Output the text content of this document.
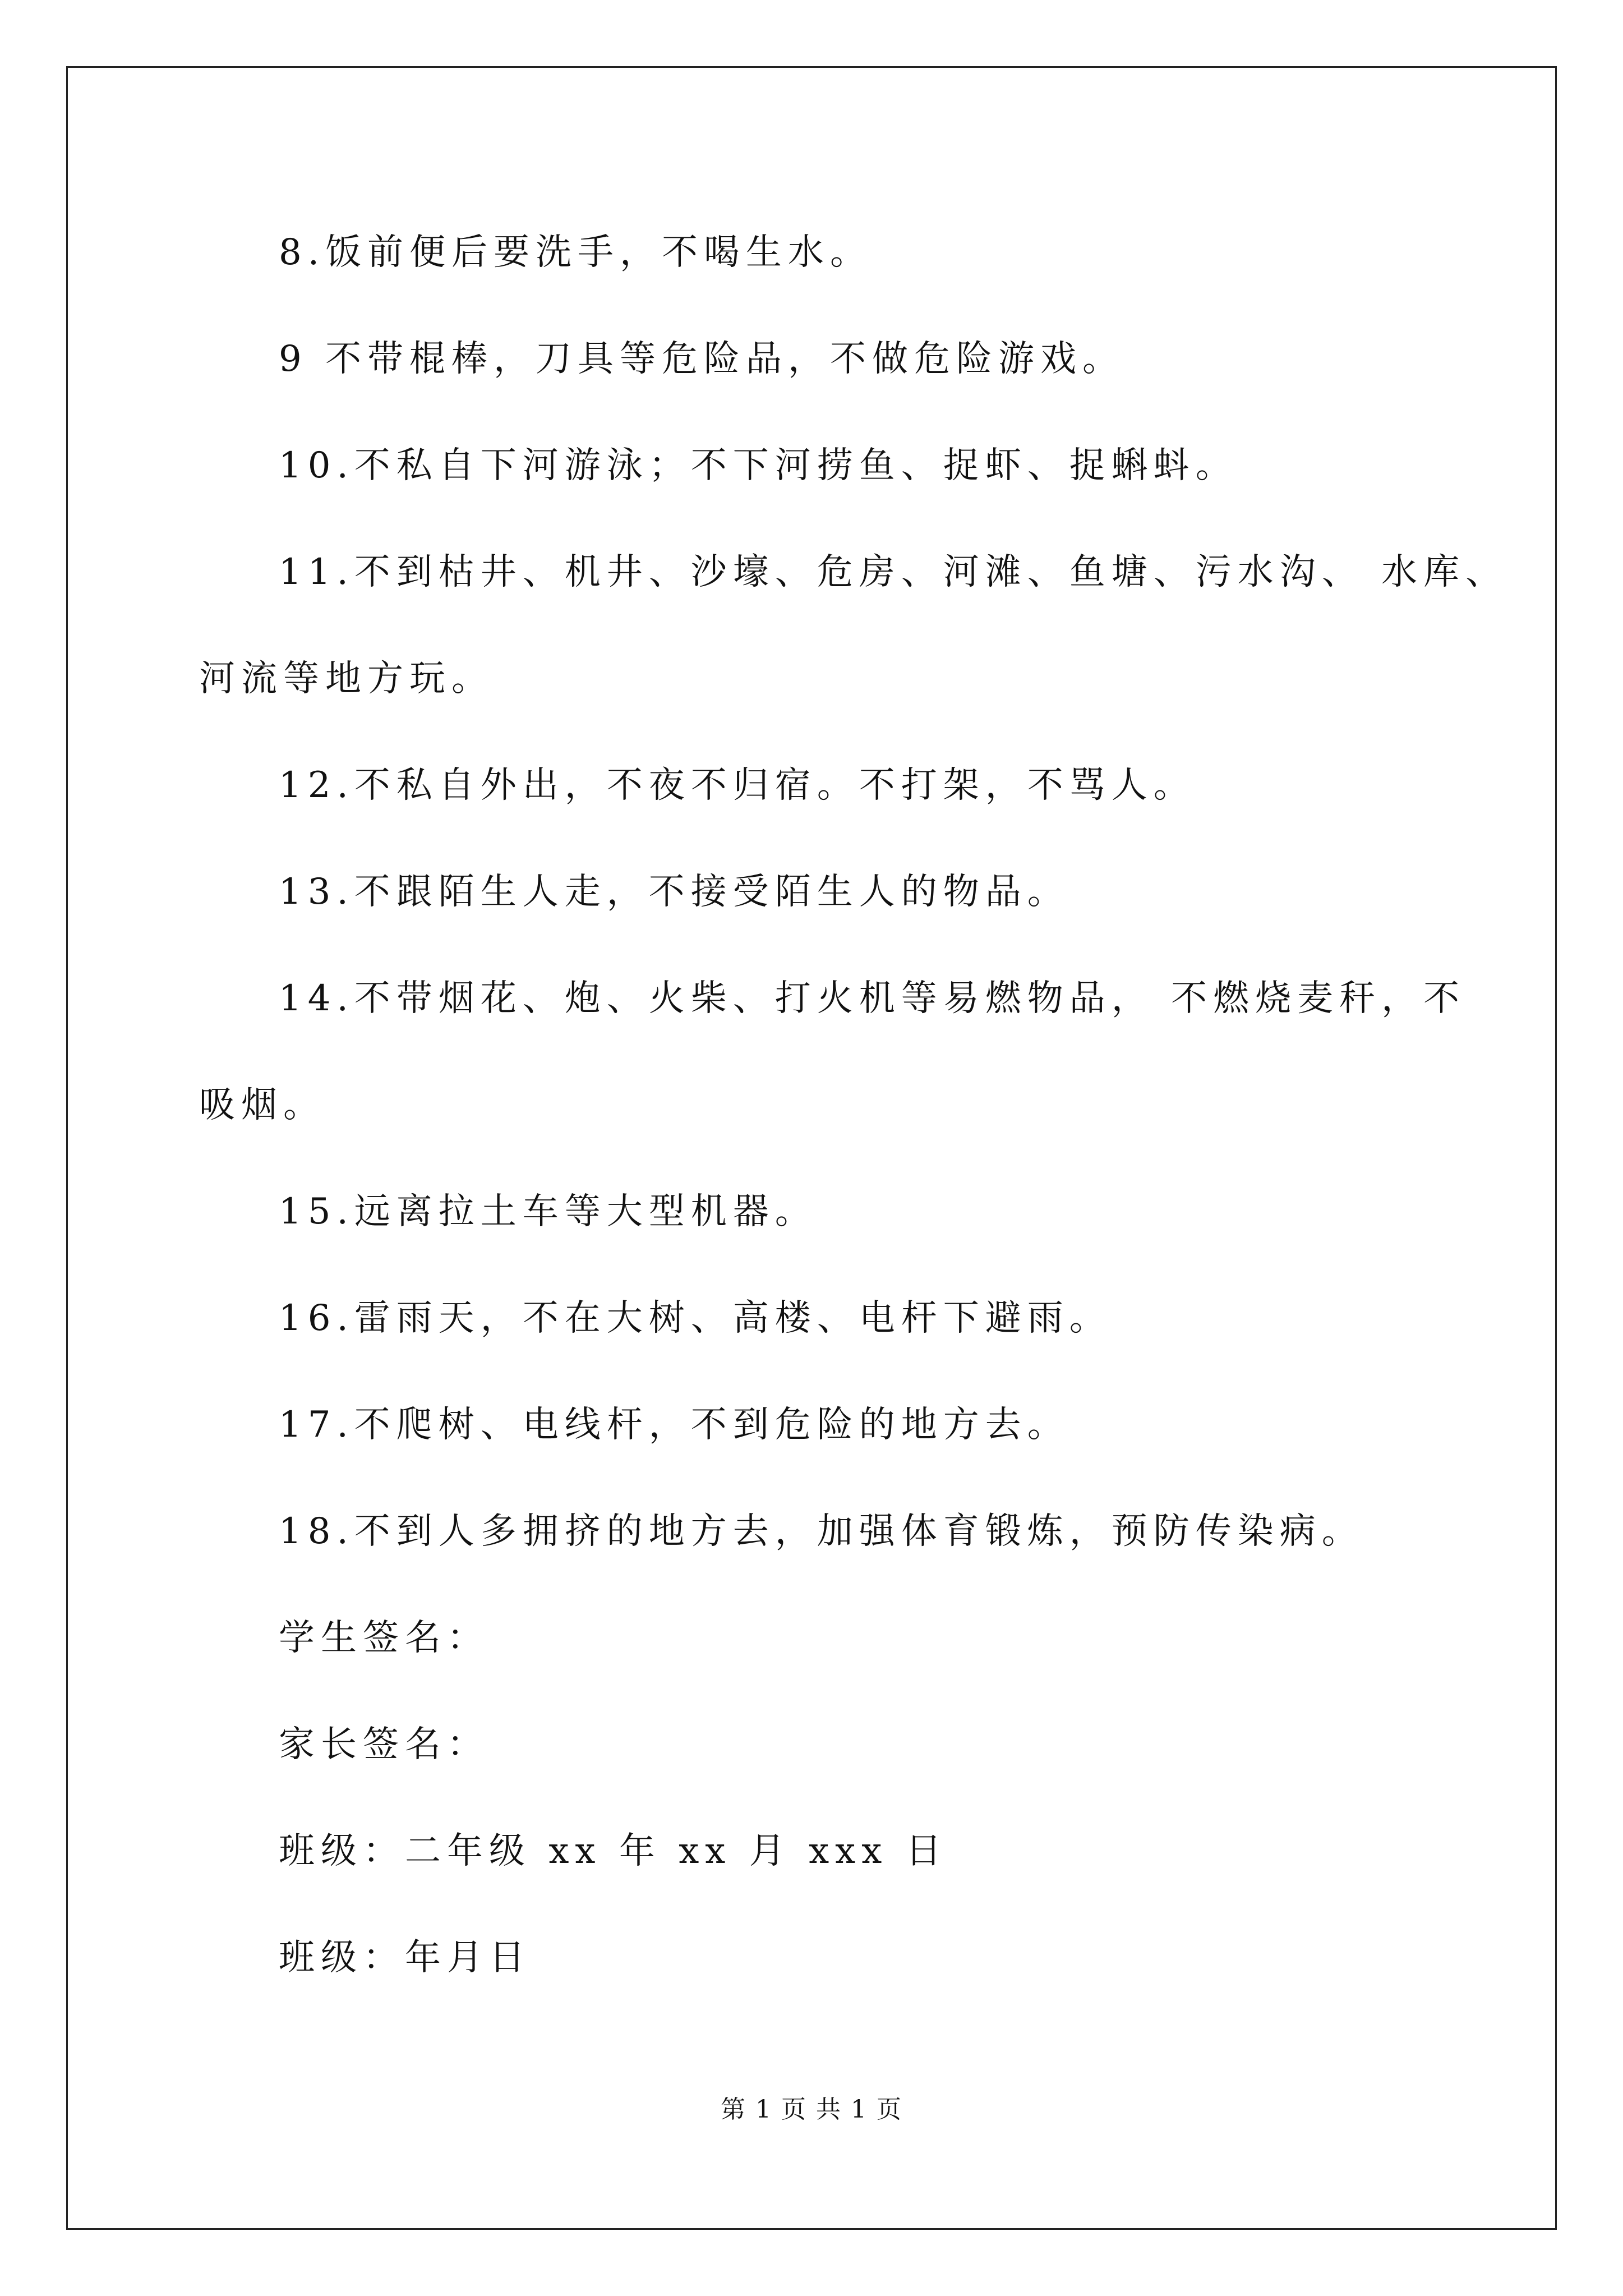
8.饭前便后要洗手，不喝生水。

9 不带棍棒，刀具等危险品，不做危险游戏。

10.不私自下河游泳；不下河捞鱼、捉虾、捉蝌蚪。

11.不到枯井、机井、沙壕、危房、河滩、鱼塘、污水沟、 水库、

河流等地方玩。

12.不私自外出，不夜不归宿。不打架，不骂人。

13.不跟陌生人走，不接受陌生人的物品。

14.不带烟花、炮、火柴、打火机等易燃物品， 不燃烧麦秆，不

吸烟。

15.远离拉土车等大型机器。

16.雷雨天，不在大树、高楼、电杆下避雨。

17.不爬树、电线杆，不到危险的地方去。

18.不到人多拥挤的地方去，加强体育锻炼，预防传染病。

学生签名：

家长签名：

班级：二年级 xx 年 xx 月 xxx 日

班级：年月日

第 1 页 共 1 页
